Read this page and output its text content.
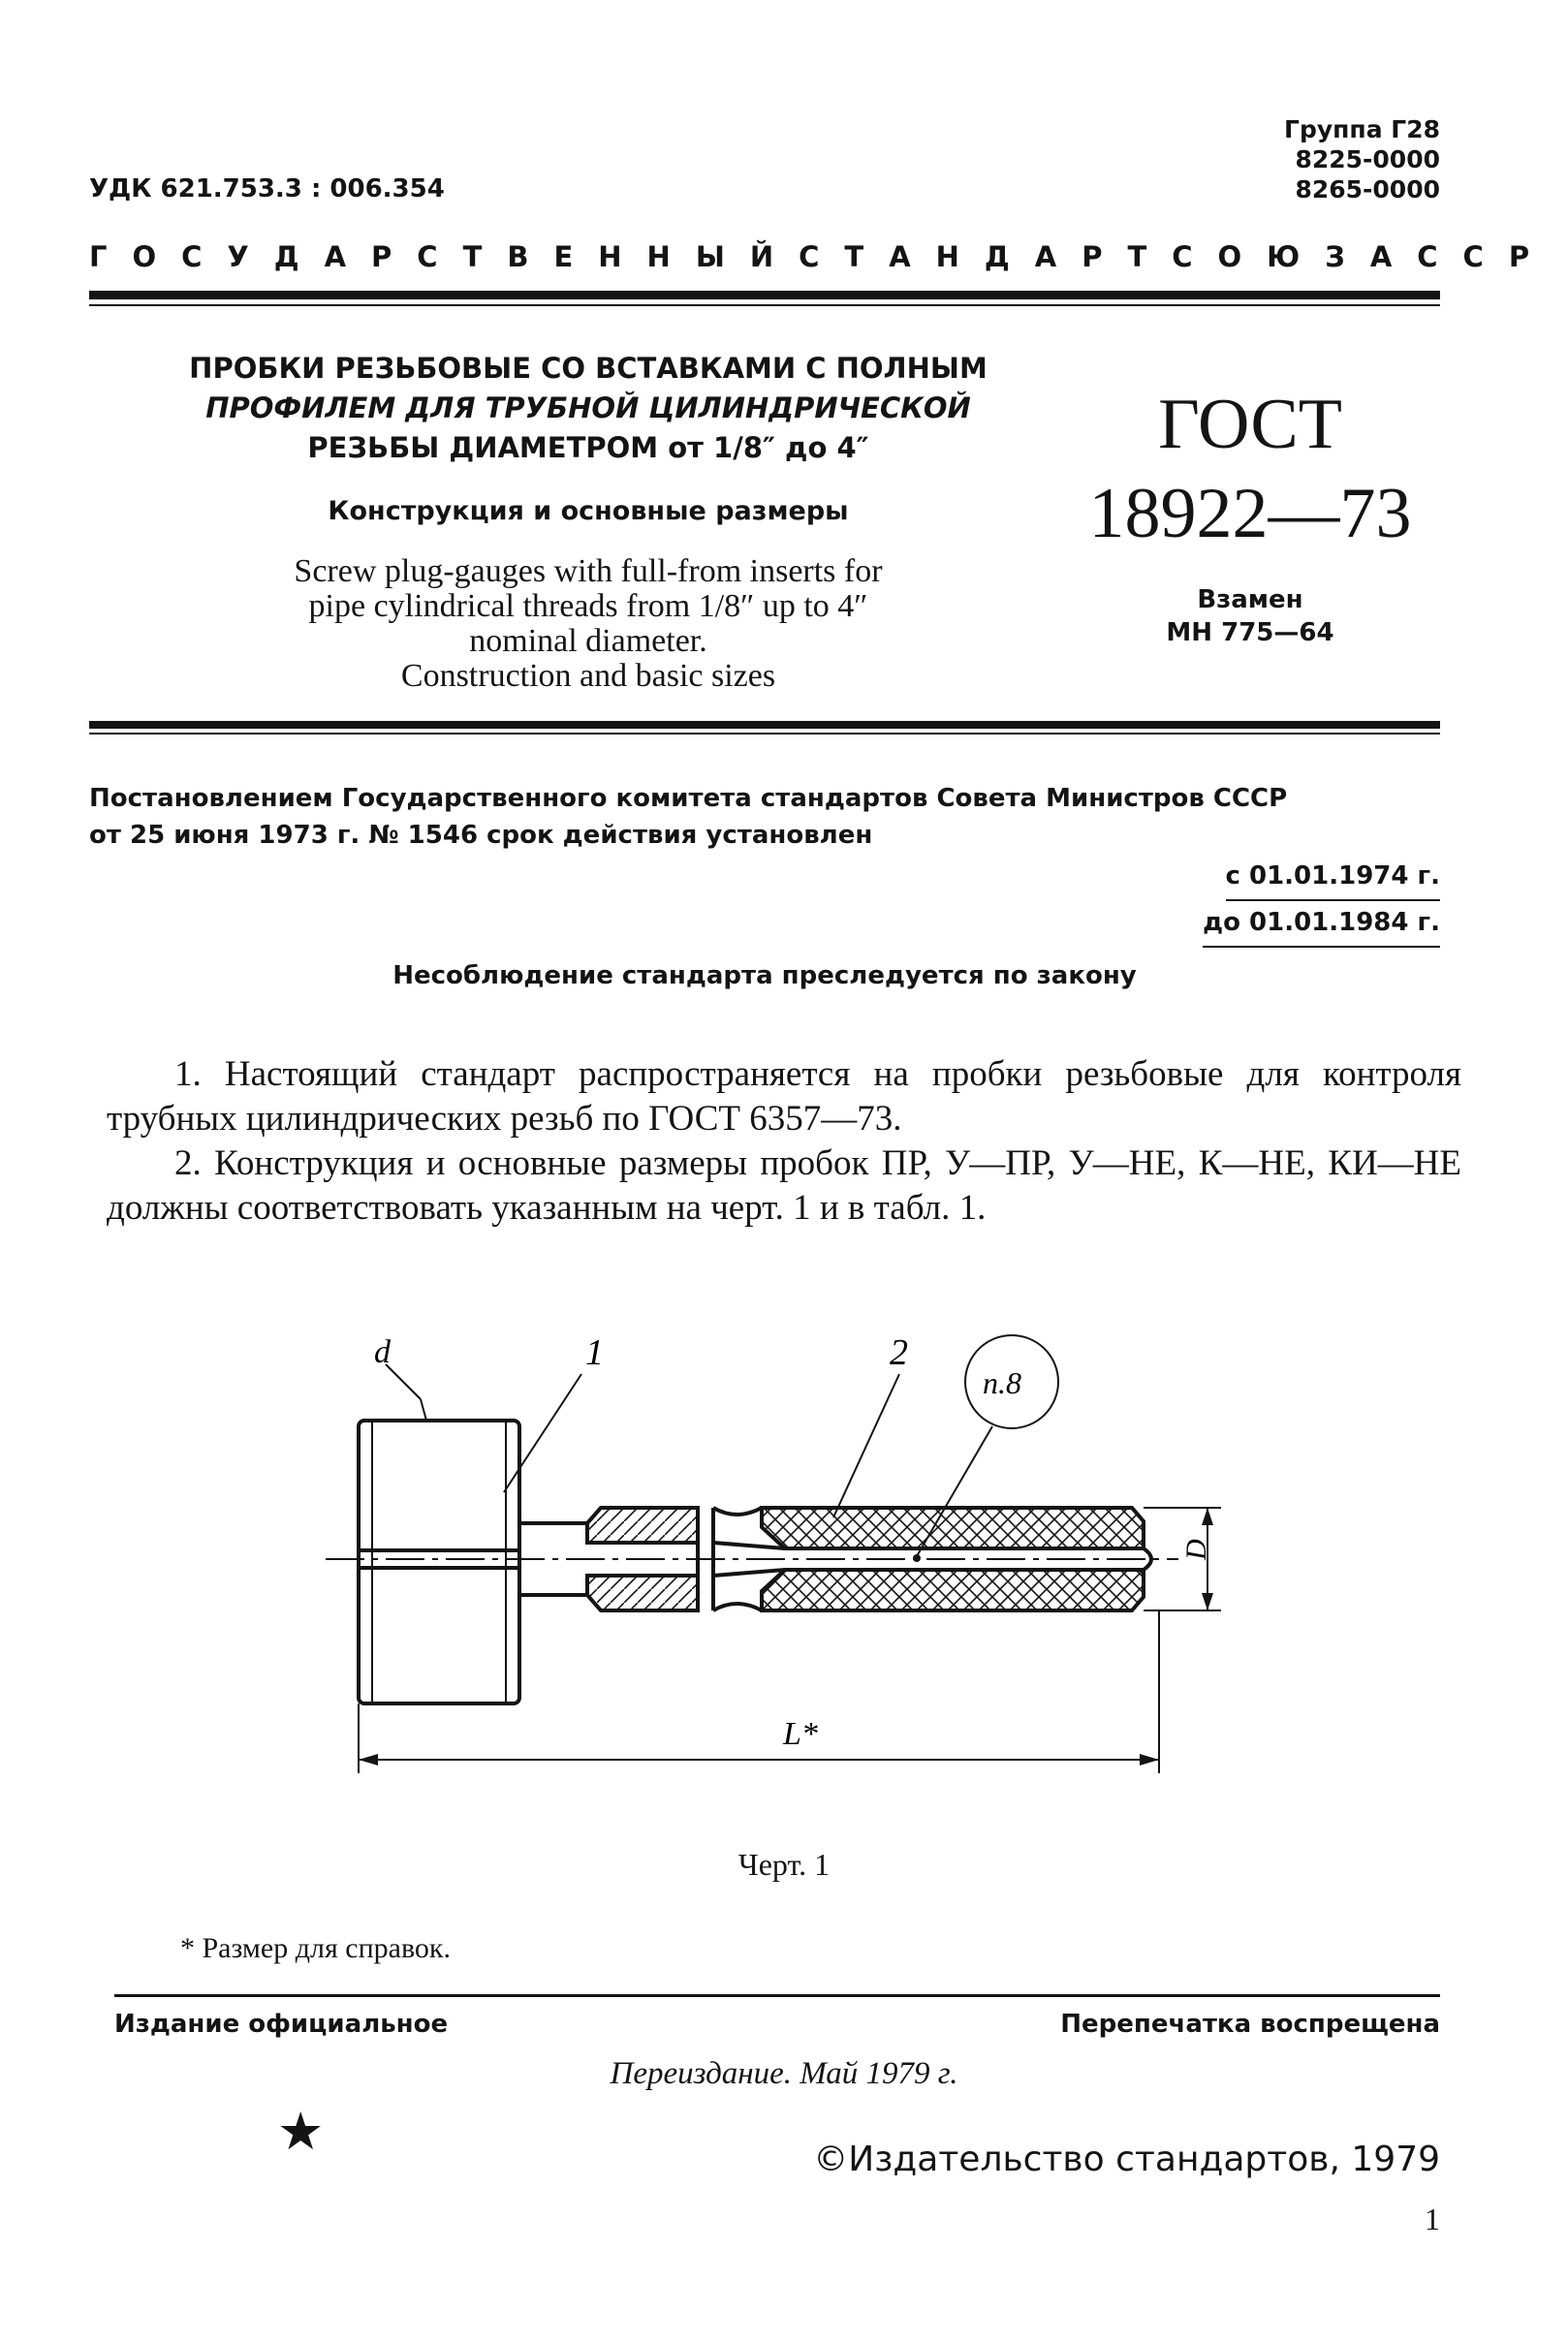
Группа Г28
8225-0000
8265-0000
УДК 621.753.3 : 006.354
ГОСУДАРСТВЕННЫЙ СТАНДАРТ СОЮЗА ССР
ПРОБКИ РЕЗЬБОВЫЕ СО ВСТАВКАМИ С ПОЛНЫМ
ПРОФИЛЕМ ДЛЯ ТРУБНОЙ ЦИЛИНДРИЧЕСКОЙ
РЕЗЬБЫ ДИАМЕТРОМ от 1/8″ до 4″
Конструкция и основные размеры
Screw plug-gauges with full-from inserts for
pipe cylindrical threads from 1/8″ up to 4″
nominal diameter.
Construction and basic sizes
ГОСТ
18922—73
Взамен
МН 775—64
Постановлением Государственного комитета стандартов Совета Министров СССР
от 25 июня 1973 г. № 1546 срок действия установлен
с 01.01.1974 г.
до 01.01.1984 г.
Несоблюдение стандарта преследуется по закону

1. Настоящий стандарт распространяется на пробки резьбовые для контроля трубных цилиндрических резьб по ГОСТ 6357—73.

2. Конструкция и основные размеры пробок ПР, У—ПР, У—НЕ, К—НЕ, КИ—НЕ должны соответствовать указанным на черт. 1 и в табл. 1.

D
L*
d	1	2
п.8
Черт. 1
* Размер для справок.
Издание официальное	Перепечатка воспрещена
Переиздание. Май 1979 г.
★	©Издательство стандартов, 1979
1
